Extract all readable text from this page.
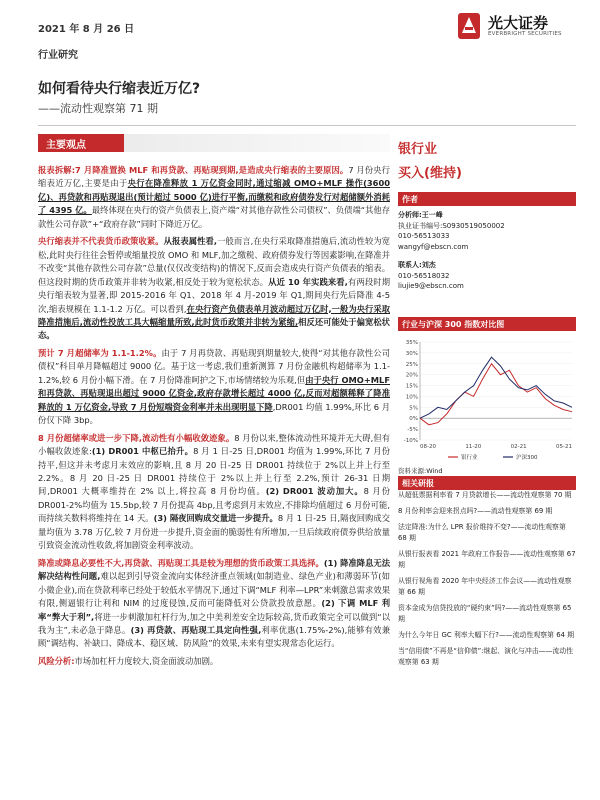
2021 年 8 月 26 日	光大证券
EVERBRIGHT SECURITIES
行业研究
如何看待央行缩表近万亿?
——流动性观察第 71 期
主要观点

报表拆解:7 月降准置换 MLF 和再贷款、再贴现到期,是造成央行缩表的主要原因。7 月份央行缩表近万亿,主要是由于央行在降准释放 1 万亿资金同时,通过缩减 OMO+MLF 操作(3600 亿)、再贷款和再贴现退出(预计超过 5000 亿)进行平衡,而缴税和政府债券发行对超储额外消耗了 4395 亿。最终体现在央行的资产负债表上,资产端“对其他存款性公司债权”、负债端“其他存款性公司存款”+“政府存款”同时下降近万亿。

央行缩表并不代表货币政策收紧。从报表属性看,一般而言,在央行采取降准措施后,流动性较为宽松,此时央行往往会暂停或缩量投放 OMO 和 MLF,加之缴税、政府债券发行等因素影响,在降准并不改变“其他存款性公司存款”总量(仅仅改变结构)的情况下,反而会造成央行资产负债表的缩表。但这段时期的货币政策并非转为收紧,相反处于较为宽松状态。从近 10 年实践来看,有两段时期央行缩表较为显著,即 2015-2016 年 Q1、2018 年 4 月-2019 年 Q1,期间央行先后降准 4-5 次,缩表规模在 1.1-1.2 万亿。可以看到,在央行资产负债表单月波动超过万亿时,一般为央行采取降准措施后,流动性投放工具大幅缩量所致,此时货币政策并非转为紧缩,相反还可能处于偏宽松状态。

预计 7 月超储率为 1.1-1.2%。由于 7 月再贷款、再贴现到期量较大,使得“对其他存款性公司债权”科目单月降幅超过 9000 亿。基于这一考虑,我们重新测算 7 月份金融机构超储率为 1.1-1.2%,较 6 月份小幅下滑。在 7 月份降准呵护之下,市场情绪较为乐观,但由于央行 OMO+MLF 和再贷款、再贴现退出超过 9000 亿资金,政府存款增长超过 4000 亿,反而对超额稀释了降准释放的 1 万亿资金,导致 7 月份短端资金利率并未出现明显下降,DR001 均值 1.99%,环比 6 月份仅下降 3bp。

8 月份超储率或进一步下降,流动性有小幅收敛迹象。8 月份以来,整体流动性环境并无大碍,但有小幅收敛迹象:(1) DR001 中枢已抬升。8 月 1 日-25 日,DR001 均值为 1.99%,环比 7 月份持平,但这并未考虑月末效应的影响,且 8 月 20 日-25 日 DR001 持续位于 2%以上并上行至 2.2%。8 月 20 日-25 日 DR001 持续位于 2%以上并上行至 2.2%,预计 26-31 日期间,DR001 大概率维持在 2% 以上,将拉高 8 月份均值。(2) DR001 波动加大。8 月份 DR001-2%均值为 15.5bp,较 7 月份提高 4bp,且考虑到月末效应,不排除均值超过 6 月份可能,而持续关数料将维持在 14 天。(3) 隔夜回购成交量进一步提升。8 月 1 日-25 日,隔夜回购成交量均值为 3.78 万亿,较 7 月份进一步提升,资金面的脆弱性有所增加,一旦后续政府债券供给放量引致资金流动性收敛,将加剧资金利率波动。

降准或降息必要性不大,再贷款、再贴现工具是较为理想的货币政策工具选择。(1) 降准降息无法解决结构性问题,难以起到引导资金流向实体经济重点领域(如制造业、绿色产业)和薄弱环节(如小微企业),而在贷款利率已经处于较低水平情况下,通过下调“MLF 利率—LPR”来刺激总需求效果有限,侧逼银行让利和 NIM 的过度侵蚀,反而可能降低对公贷款投放意愿。(2) 下调 MLF 利率“弊大于利”,将进一步刺激加杠杆行为,加之中美利差安全边际较高,货币政策完全可以做到“以我为主”,未必急于降息。(3) 再贷款、再贴现工具定向性强,利率优惠(1.75%-2%),能够有效兼顾“调结构、补缺口、降成本、稳区域、防风险”的效果,未来有望实现常态化运行。

风险分析:市场加杠杆力度较大,资金面波动加剧。

银行业
买入(维持)
作者
分析师:王一峰
执业证书编号:S0930519050002
010-56513033
wangyf@ebscn.com
联系人:刘杰
010-56518032
liujie9@ebscn.com
行业与沪深 300 指数对比图
35%
30%
25%
20%
15%
10%
5%
0%
-5%
-10%
08-20	11-20	02-21	05-21
银行业	沪深300
资料来源:Wind
相关研报
从超低票据利率看 7 月贷款增长——流动性观察第 70 期
8 月份利率会迎来拐点吗?——流动性观察第 69 期
法定降准:为什么 LPR 报价维持不变?——流动性观察第 68 期
从银行报表看 2021 年政府工作报告——流动性观察第 67 期
从银行视角看 2020 年中央经济工作会议——流动性观察第 66 期
资本金成为信贷投放的“硬约束”吗?——流动性观察第 65 期
为什么今年日 GC 利率大幅下行?——流动性观察第 64 期
当“信用债”不再是“信仰债”:继起、演化与冲击——流动性观察第 63 期
